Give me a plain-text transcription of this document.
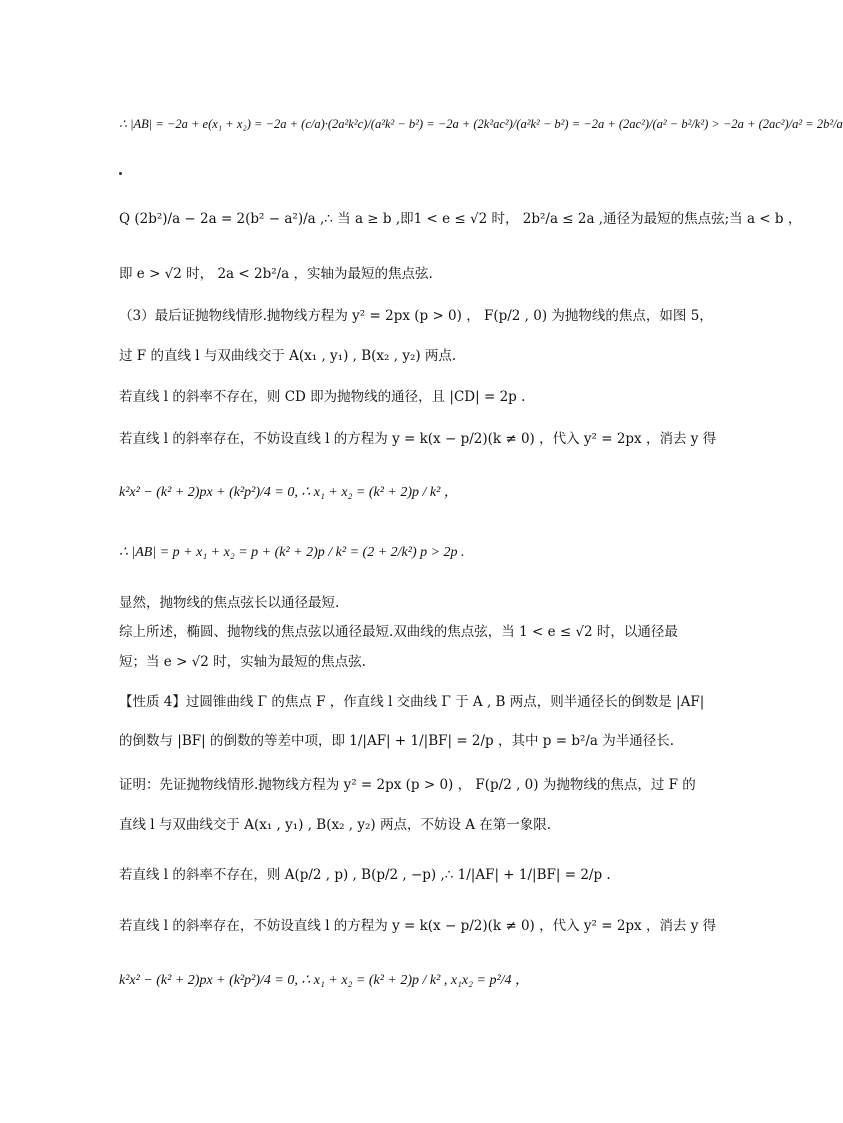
∴ |AB| = −2a + e(x₁ + x₂) = −2a + (c/a)·(2a²k²c)/(a²k² − b²) = −2a + (2k²ac²)/(a²k² − b²) = −2a + (2ac²)/(a² − b²/k²) > −2a + (2ac²)/a² = 2b²/a
Q (2b²)/a − 2a = 2(b² − a²)/a ,∴ 当 a ≥ b ,即1 < e ≤ √2 时， 2b²/a ≤ 2a ,通径为最短的焦点弦;当 a < b ，
即 e > √2 时， 2a < 2b²/a ，实轴为最短的焦点弦.
（3）最后证抛物线情形.抛物线方程为 y² = 2px (p > 0) ， F(p/2 , 0) 为抛物线的焦点，如图 5，
过 F 的直线 l 与双曲线交于 A(x₁ , y₁) , B(x₂ , y₂) 两点.
若直线 l 的斜率不存在，则 CD 即为抛物线的通径，且 |CD| = 2p .
若直线 l 的斜率存在，不妨设直线 l 的方程为 y = k(x − p/2)(k ≠ 0) ，代入 y² = 2px ，消去 y 得
k²x² − (k² + 2)px + (k²p²)/4 = 0, ∴ x₁ + x₂ = (k² + 2)p / k² ，
∴ |AB| = p + x₁ + x₂ = p + (k² + 2)p / k² = (2 + 2/k²) p > 2p .
显然，抛物线的焦点弦长以通径最短.
综上所述，椭圆、抛物线的焦点弦以通径最短.双曲线的焦点弦，当 1 < e ≤ √2 时，以通径最
短；当 e > √2 时，实轴为最短的焦点弦.
【性质 4】过圆锥曲线 Γ 的焦点 F ，作直线 l 交曲线 Γ 于 A , B 两点，则半通径长的倒数是 |AF|
的倒数与 |BF| 的倒数的等差中项，即 1/|AF| + 1/|BF| = 2/p ，其中 p = b²/a 为半通径长.
证明：先证抛物线情形.抛物线方程为 y² = 2px (p > 0) ， F(p/2 , 0) 为抛物线的焦点，过 F 的
直线 l 与双曲线交于 A(x₁ , y₁) , B(x₂ , y₂) 两点，不妨设 A 在第一象限.
若直线 l 的斜率不存在，则 A(p/2 , p) , B(p/2 , −p) ,∴ 1/|AF| + 1/|BF| = 2/p .
若直线 l 的斜率存在，不妨设直线 l 的方程为 y = k(x − p/2)(k ≠ 0) ，代入 y² = 2px ，消去 y 得
k²x² − (k² + 2)px + (k²p²)/4 = 0, ∴ x₁ + x₂ = (k² + 2)p / k² , x₁x₂ = p²/4 ，
